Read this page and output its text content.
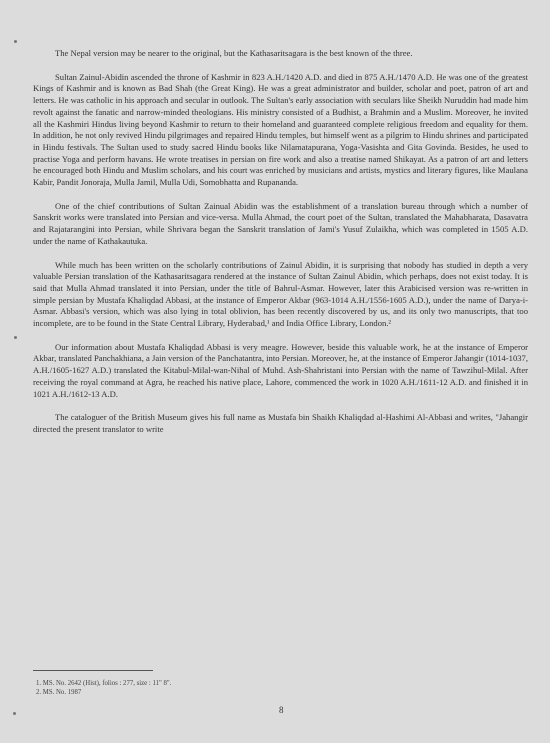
The Nepal version may be nearer to the original, but the Kathasaritsagara is the best known of the three.

Sultan Zainul-Abidin ascended the throne of Kashmir in 823 A.H./1420 A.D. and died in 875 A.H./1470 A.D. He was one of the greatest Kings of Kashmir and is known as Bad Shah (the Great King). He was a great administrator and builder, scholar and poet, patron of art and letters. He was catholic in his approach and secular in outlook. The Sultan's early association with seculars like Sheikh Nuruddin had made him revolt against the fanatic and narrow-minded theologians. His ministry consisted of a Budhist, a Brahmin and a Muslim. Moreover, he invited all the Kashmiri Hindus living beyond Kashmir to return to their homeland and guaranteed complete religious freedom and equality for them. In addition, he not only revived Hindu pilgrimages and repaired Hindu temples, but himself went as a pilgrim to Hindu shrines and participated in Hindu festivals. The Sultan used to study sacred Hindu books like Nilamatapurana, Yoga-Vasishta and Gita Govinda. Besides, he used to practise Yoga and perform havans. He wrote treatises in persian on fire work and also a treatise named Shikayat. As a patron of art and letters he encouraged both Hindu and Muslim scholars, and his court was enriched by musicians and artists, mystics and literary figures, like Maulana Kabir, Pandit Jonoraja, Mulla Jamil, Mulla Udi, Somobhatta and Rupananda.

One of the chief contributions of Sultan Zainual Abidin was the establishment of a translation bureau through which a number of Sanskrit works were translated into Persian and vice-versa. Mulla Ahmad, the court poet of the Sultan, translated the Mahabharata, Dasavatra and Rajatarangini into Persian, while Shrivara began the Sanskrit translation of Jami's Yusuf Zulaikha, which was completed in 1505 A.D. under the name of Kathakautuka.

While much has been written on the scholarly contributions of Zainul Abidin, it is surprising that nobody has studied in depth a very valuable Persian translation of the Kathasaritsagara rendered at the instance of Sultan Zainul Abidin, which perhaps, does not exist today. It is said that Mulla Ahmad translated it into Persian, under the title of Bahrul-Asmar. However, later this Arabicised version was re-written in simple persian by Mustafa Khaliqdad Abbasi, at the instance of Emperor Akbar (963-1014 A.H./1556-1605 A.D.), under the name of Darya-i-Asmar. Abbasi's version, which was also lying in total oblivion, has been recently discovered by us, and its only two manuscripts, that too incomplete, are to be found in the State Central Library, Hyderabad,¹ and India Office Library, London.²

Our information about Mustafa Khaliqdad Abbasi is very meagre. However, beside this valuable work, he at the instance of Emperor Akbar, translated Panchakhiana, a Jain version of the Panchatantra, into Persian. Moreover, he, at the instance of Emperor Jahangir (1014-1037, A.H./1605-1627 A.D.) translated the Kitabul-Milal-wan-Nihal of Muhd. Ash-Shahristani into Persian with the name of Tawzihul-Milal. After receiving the royal command at Agra, he reached his native place, Lahore, commenced the work in 1020 A.H./1611-12 A.D. and finished it in 1021 A.H./1612-13 A.D.

The cataloguer of the British Museum gives his full name as Mustafa bin Shaikh Khaliqdad al-Hashimi Al-Abbasi and writes, "Jahangir directed the present translator to write

1. MS. No. 2642 (Hist), folios : 277, size : 11" 8".
2. MS. No. 1987
8
